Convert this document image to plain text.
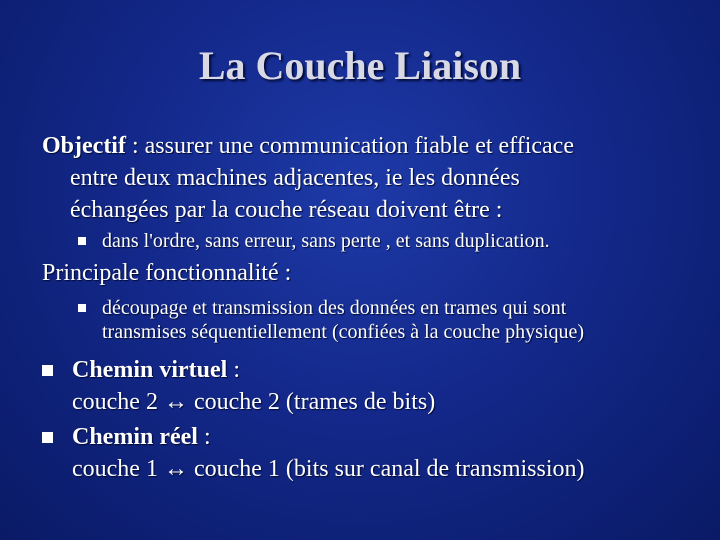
La Couche Liaison
Objectif : assurer une communication fiable et efficace
entre deux machines adjacentes, ie les données
échangées par la couche réseau doivent être :
dans l'ordre, sans erreur, sans perte , et sans duplication.
Principale fonctionnalité :
découpage et transmission des données en trames qui sont
transmises séquentiellement (confiées à la couche physique)
Chemin virtuel :
couche 2 ↔ couche 2 (trames de bits)
Chemin réel :
couche 1 ↔ couche 1 (bits sur canal de transmission)
